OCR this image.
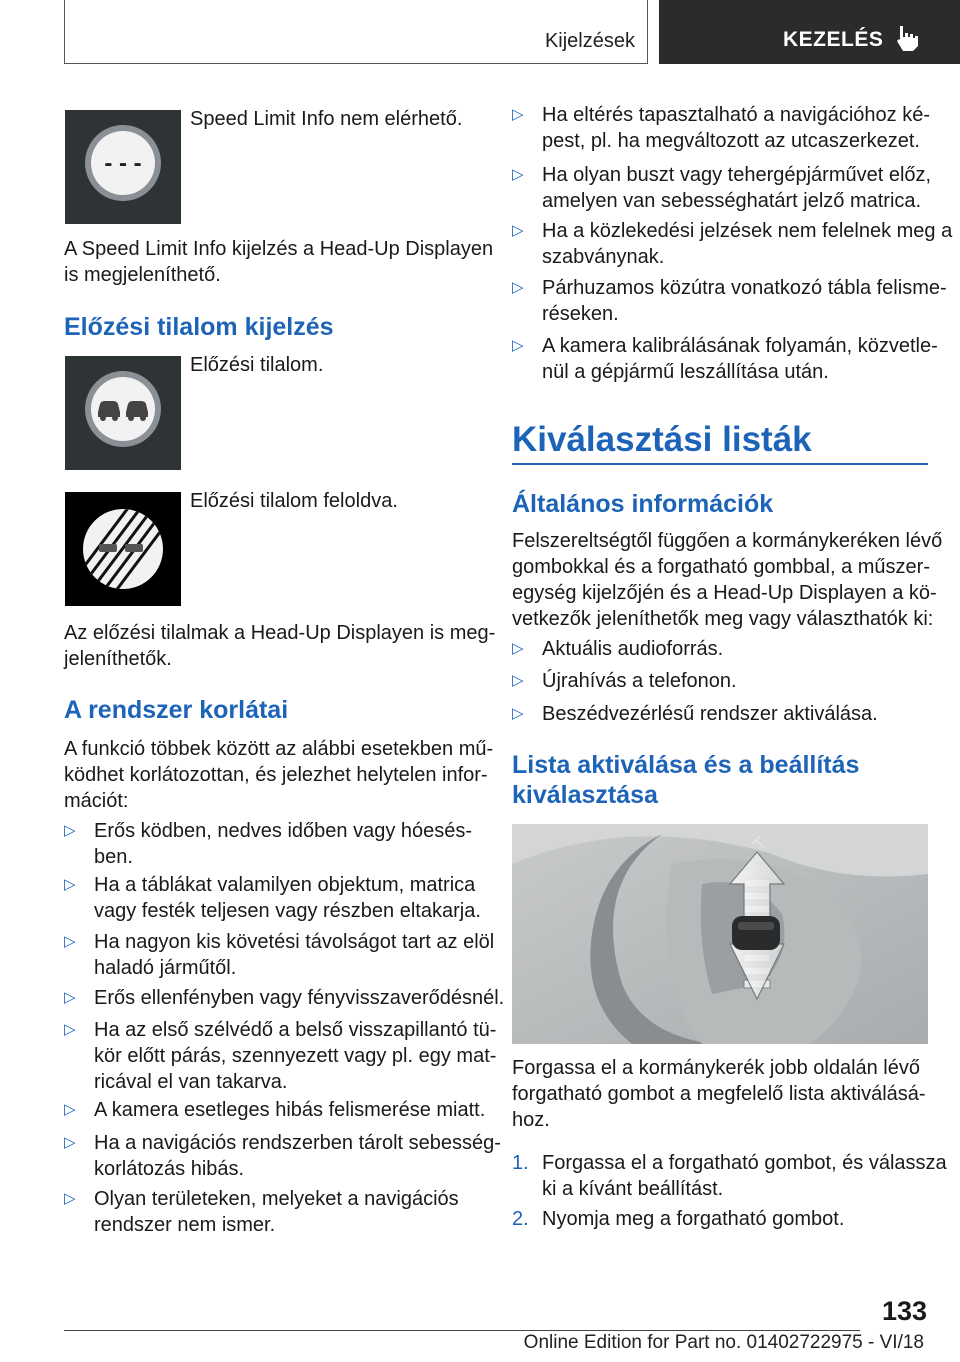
Kijelzések	KEZELÉS
- - -
Speed Limit Info nem elérhető.
A Speed Limit Info kijelzés a Head-Up Displayen
is megjeleníthető.
Előzési tilalom kijelzés
Előzési tilalom.
Előzési tilalom feloldva.
Az előzési tilalmak a Head-Up Displayen is meg-
jeleníthetők.
A rendszer korlátai
A funkció többek között az alábbi esetekben mű-
ködhet korlátozottan, és jelezhet helytelen infor-
mációt:
▷ Erős ködben, nedves időben vagy hóesés-
ben.
▷ Ha a táblákat valamilyen objektum, matrica
vagy festék teljesen vagy részben eltakarja.
▷ Ha nagyon kis követési távolságot tart az elöl
haladó járműtől.
▷ Erős ellenfényben vagy fényvisszaverődésnél.
▷ Ha az első szélvédő a belső visszapillantó tü-
kör előtt párás, szennyezett vagy pl. egy mat-
ricával el van takarva.
▷ A kamera esetleges hibás felismerése miatt.
▷ Ha a navigációs rendszerben tárolt sebesség-
korlátozás hibás.
▷ Olyan területeken, melyeket a navigációs
rendszer nem ismer.
▷ Ha eltérés tapasztalható a navigációhoz ké-
pest, pl. ha megváltozott az utcaszerkezet.
▷ Ha olyan buszt vagy tehergépjárművet előz,
amelyen van sebességhatárt jelző matrica.
▷ Ha a közlekedési jelzések nem felelnek meg a
szabványnak.
▷ Párhuzamos közútra vonatkozó tábla felisme-
réseken.
▷ A kamera kalibrálásának folyamán, közvetle-
nül a gépjármű leszállítása után.
Kiválasztási listák
Általános információk
Felszereltségtől függően a kormánykeréken lévő
gombokkal és a forgatható gombbal, a műszer-
egység kijelzőjén és a Head-Up Displayen a kö-
vetkezők jeleníthetők meg vagy választhatók ki:
▷ Aktuális audioforrás.
▷ Újrahívás a telefonon.
▷ Beszédvezérlésű rendszer aktiválása.
Lista aktiválása és a beállítás
kiválasztása
Forgassa el a kormánykerék jobb oldalán lévő
forgatható gombot a megfelelő lista aktiválásá-
hoz.
1. Forgassa el a forgatható gombot, és válassza
ki a kívánt beállítást.
2. Nyomja meg a forgatható gombot.
133
Online Edition for Part no. 01402722975 - VI/18
